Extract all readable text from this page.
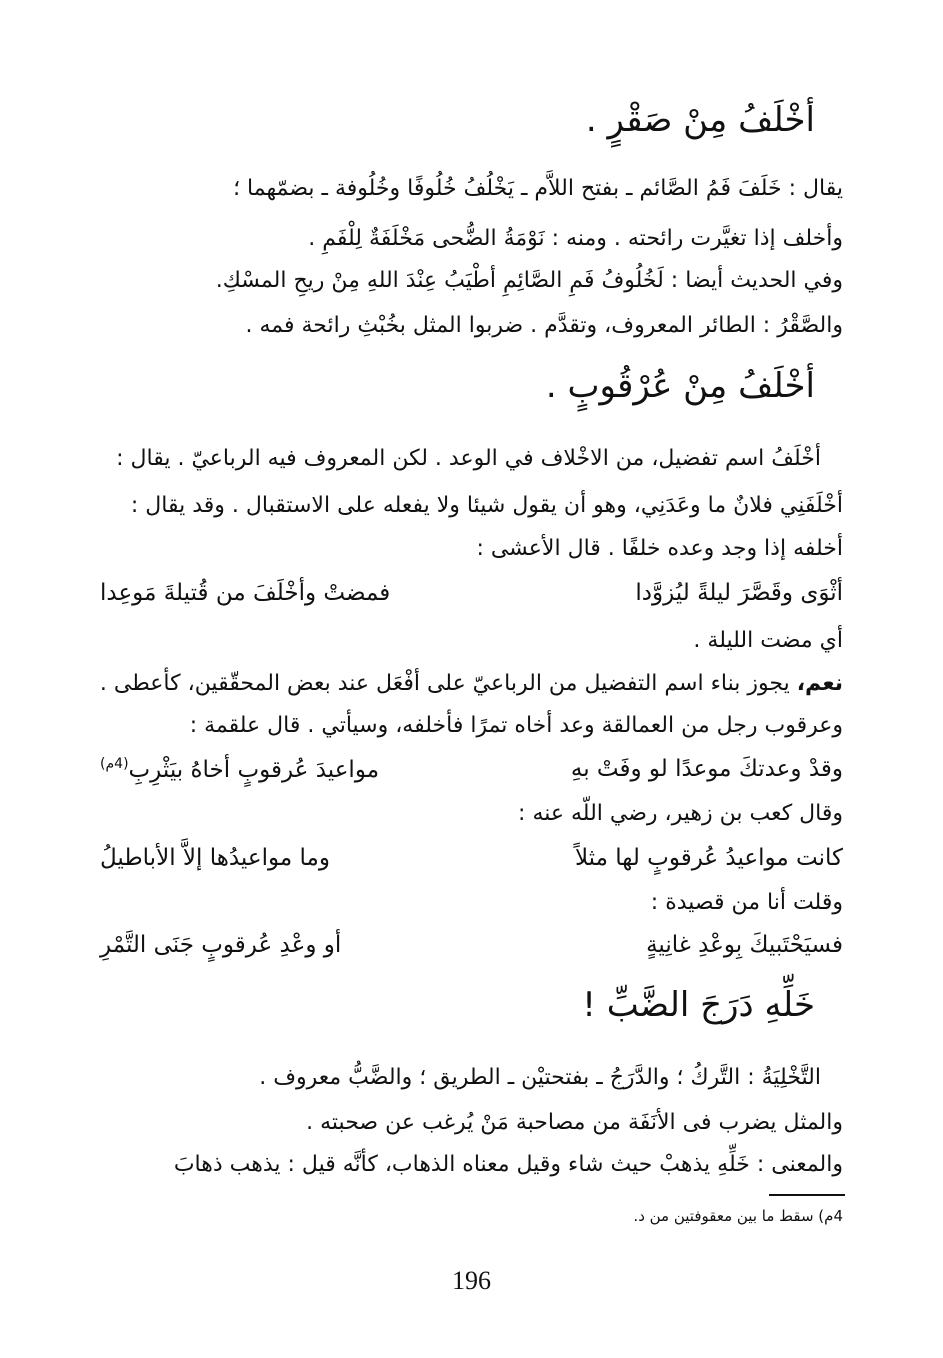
أخْلَفُ مِنْ صَقْرٍ .
يقال : خَلَفَ فَمُ الصَّائم ـ بفتح اللاَّم ـ يَخْلُفُ خُلُوفًا وخُلُوفة ـ بضمّهما ؛
وأخلف إذا تغيَّرت رائحته . ومنه : نَوْمَةُ الضُّحى مَخْلَفَةٌ لِلْفَمِ .
وفي الحديث أيضا : لَخُلُوفُ فَمِ الصَّائِمِ أطْيَبُ عِنْدَ اللهِ مِنْ ريحِ المسْكِ.
والصَّقْرُ : الطائر المعروف، وتقدَّم . ضربوا المثل بخُبْثِ رائحة فمه .
أخْلَفُ مِنْ عُرْقُوبٍ .
أخْلَفُ اسم تفضيل، من الاخْلاف في الوعد . لكن المعروف فيه الرباعيّ . يقال :
أخْلَفَنِي فلانٌ ما وعَدَنِي، وهو أن يقول شيئا ولا يفعله على الاستقبال . وقد يقال :
أخلفه إذا وجد وعده خلفًا . قال الأعشى :
أثْوَى وقَصَّرَ ليلةً ليُزوَّدا
فمضتْ وأخْلَفَ من قُتيلةَ مَوعِدا
أي مضت الليلة .
نعم، يجوز بناء اسم التفضيل من الرباعيّ على أفْعَل عند بعض المحقّقين، كأعطى .
وعرقوب رجل من العمالقة وعد أخاه تمرًا فأخلفه، وسيأتي . قال علقمة :
وقدْ وعدتكَ موعدًا لو وفَتْ بهِ
مواعيدَ عُرقوبٍ أخاهُ بيَثْرِبِ(4م)
وقال كعب بن زهير، رضي اللّه عنه :
كانت مواعيدُ عُرقوبٍ لها مثلاً
وما مواعيدُها إلاَّ الأباطيلُ
وقلت أنا من قصيدة :
فسيَحْتَبيكَ بِوعْدِ غانِيةٍ
أو وعْدِ عُرقوبٍ جَنَى التَّمْرِ
خَلِّهِ دَرَجَ الضَّبِّ !
التَّخْلِيَةُ : التَّركُ ؛ والدَّرَجُ ـ بفتحتيْن ـ الطريق ؛ والضَّبُّ معروف .
والمثل يضرب فى الأنَفَة من مصاحبة مَنْ يُرغب عن صحبته .
والمعنى : خَلِّهِ يذهبْ حيث شاء وقيل معناه الذهاب، كأنَّه قيل : يذهب ذهابَ
4م) سقط ما بين معقوفتين من د.
196
